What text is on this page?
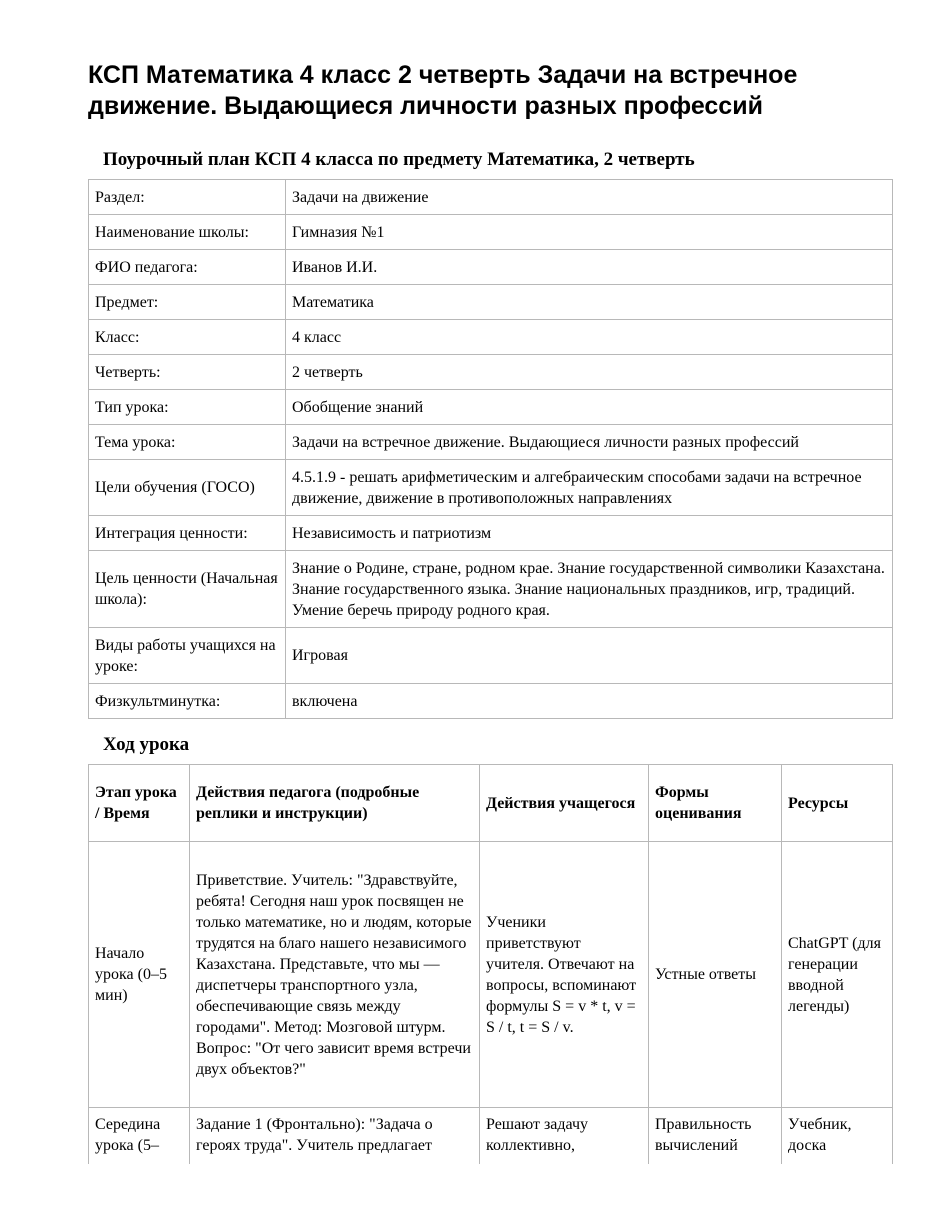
КСП Математика 4 класс 2 четверть Задачи на встречное движение. Выдающиеся личности разных профессий

Поурочный план КСП 4 класса по предмету Математика, 2 четверть

Раздел:	Задачи на движение
Наименование школы:	Гимназия №1
ФИО педагога:	Иванов И.И.
Предмет:	Математика
Класс:	4 класс
Четверть:	2 четверть
Тип урока:	Обобщение знаний
Тема урока:	Задачи на встречное движение. Выдающиеся личности разных профессий
Цели обучения (ГОСО)	4.5.1.9 - решать арифметическим и алгебраическим способами задачи на встречное движение, движение в противоположных направлениях
Интеграция ценности:	Независимость и патриотизм
Цель ценности (Начальная школа):	Знание о Родине, стране, родном крае. Знание государственной символики Казахстана. Знание государственного языка. Знание национальных праздников, игр, традиций. Умение беречь природу родного края.
Виды работы учащихся на уроке:	Игровая
Физкультминутка:	включена

Ход урока

Этап урока / Время	Действия педагога (подробные реплики и инструкции)	Действия учащегося	Формы оценивания	Ресурсы
Начало урока (0–5 мин)	Приветствие. Учитель: "Здравствуйте, ребята! Сегодня наш урок посвящен не только математике, но и людям, которые трудятся на благо нашего независимого Казахстана. Представьте, что мы — диспетчеры транспортного узла, обеспечивающие связь между городами". Метод: Мозговой штурм. Вопрос: "От чего зависит время встречи двух объектов?"	Ученики приветствуют учителя. Отвечают на вопросы, вспоминают формулы S = v * t, v = S / t, t = S / v.	Устные ответы	ChatGPT (для генерации вводной легенды)
Середина урока (5–	Задание 1 (Фронтально): "Задача о героях труда". Учитель предлагает	Решают задачу коллективно,	Правильность вычислений	Учебник, доска
